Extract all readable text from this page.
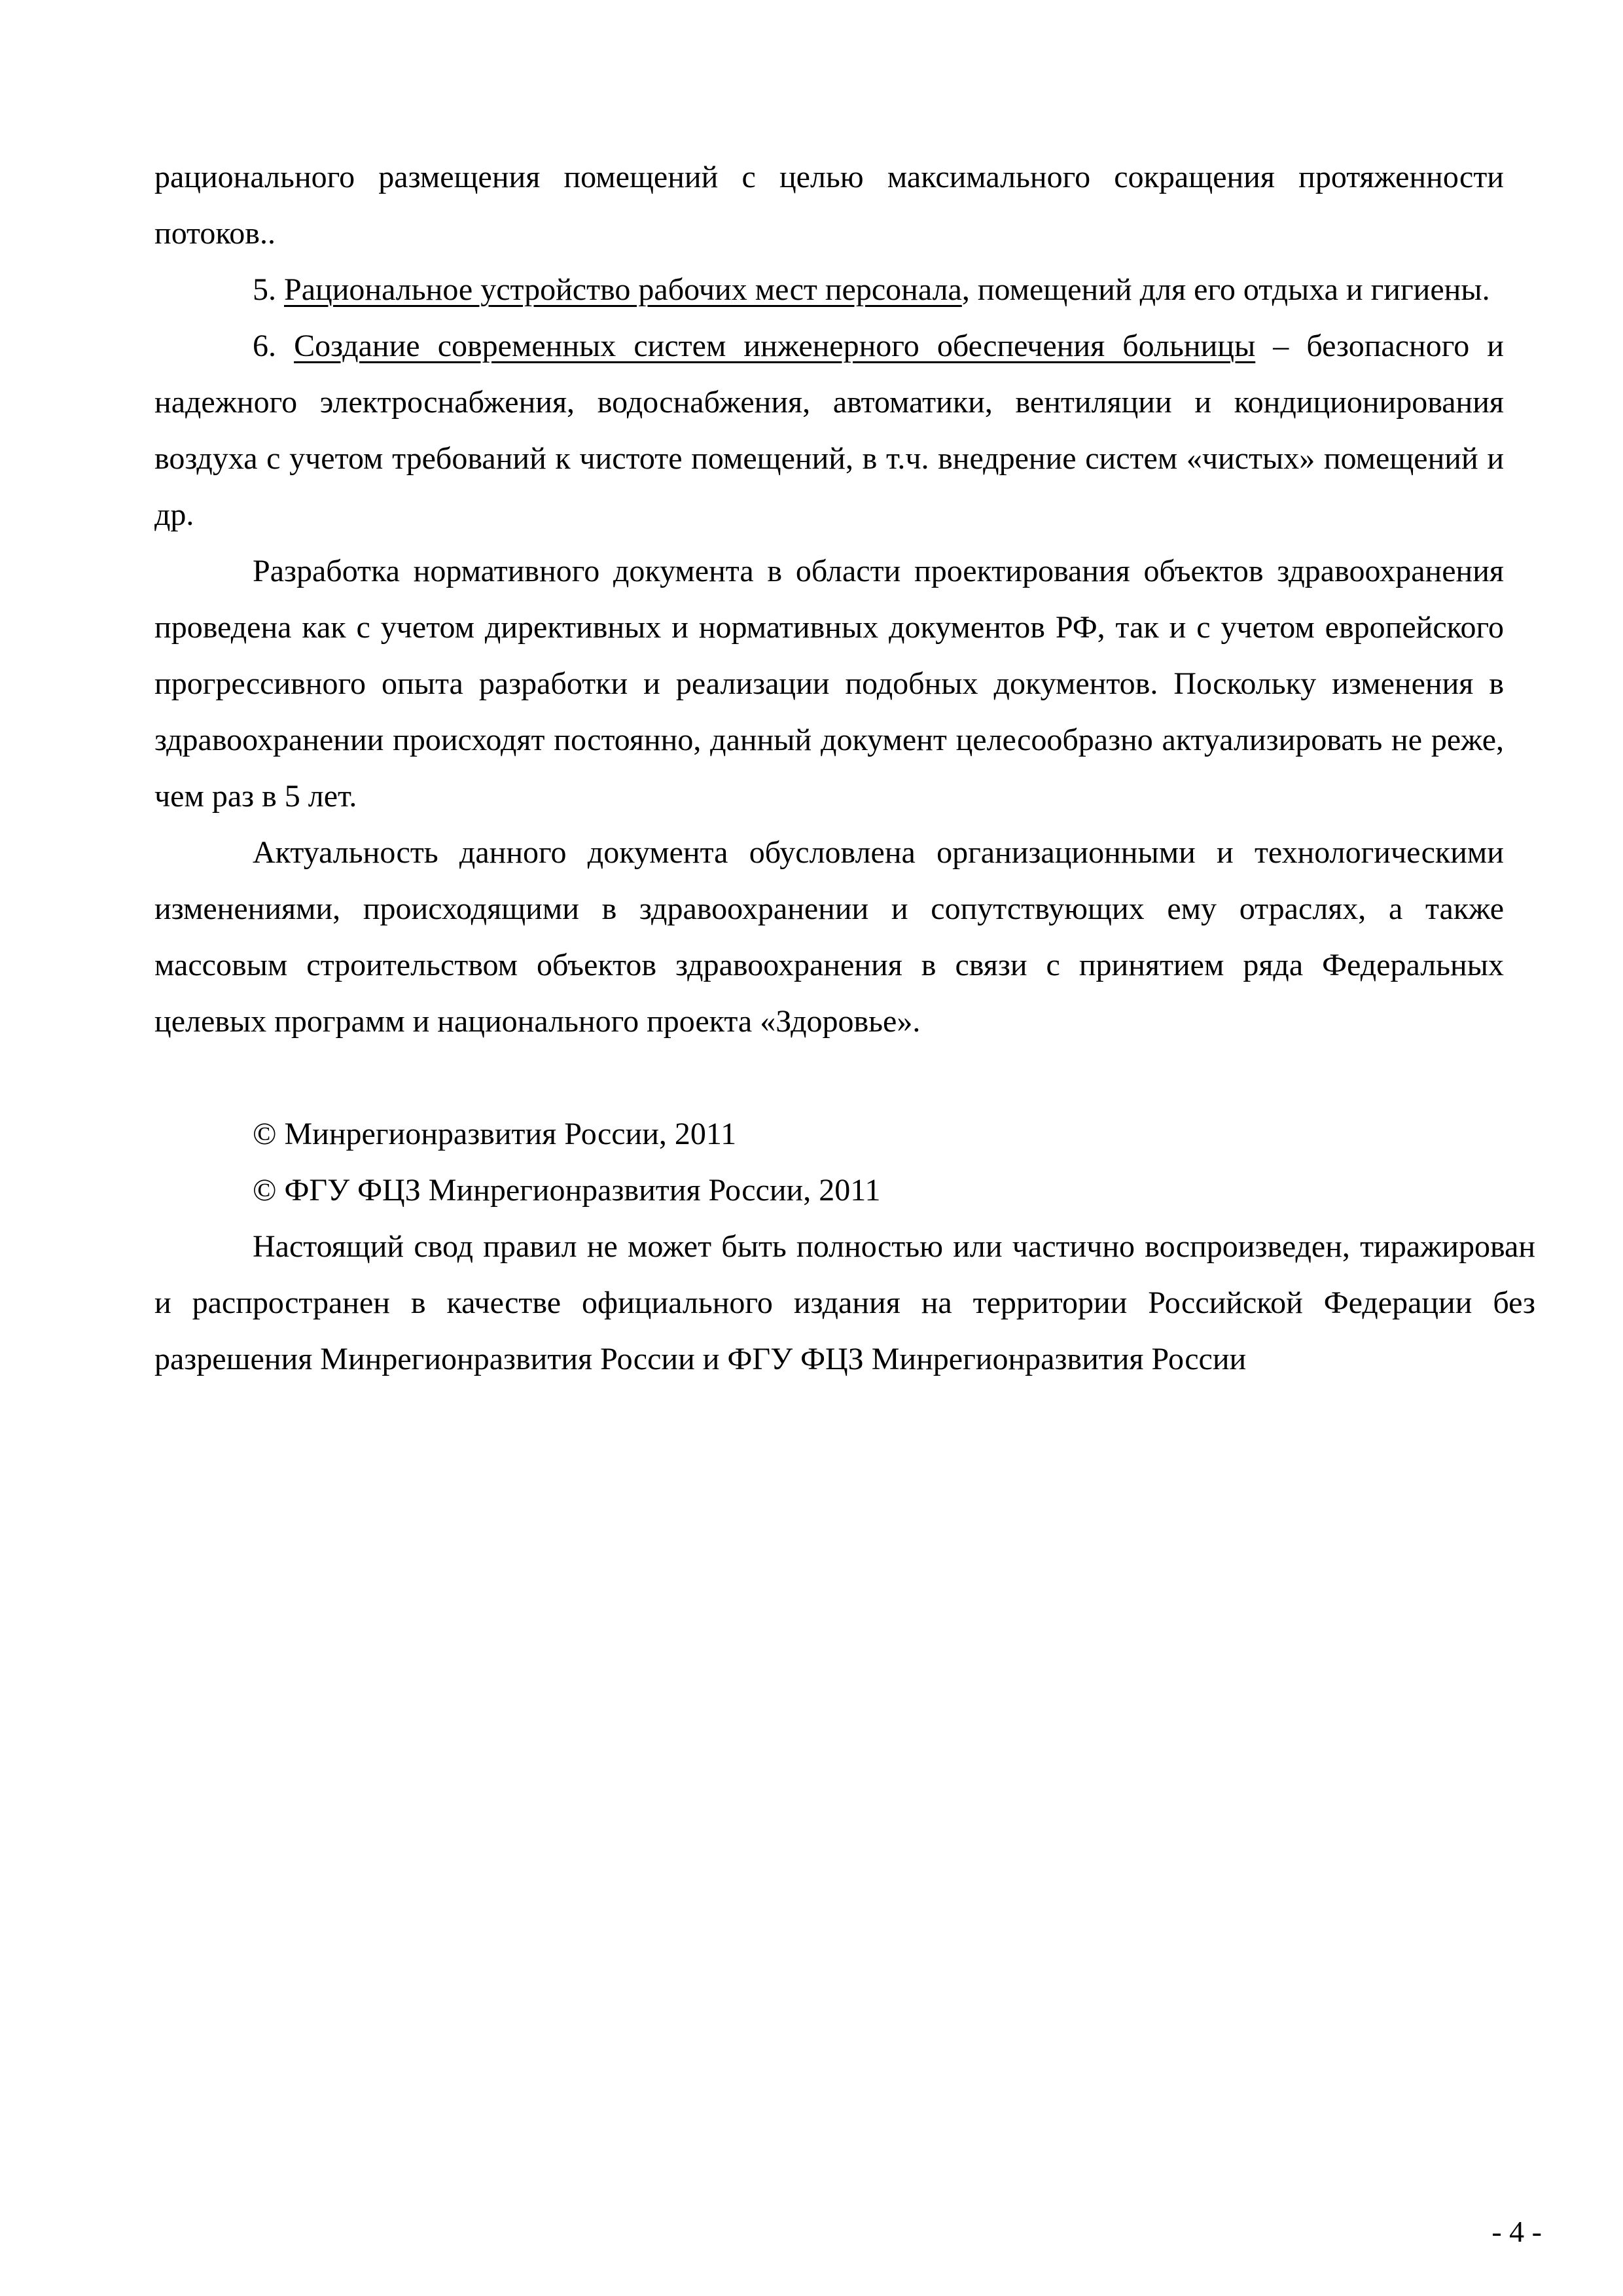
рационального размещения помещений с целью максимального сокращения протяженности потоков..

5. Рациональное устройство рабочих мест персонала, помещений для его отдыха и гигиены.

6. Создание современных систем инженерного обеспечения больницы – безопасного и надежного электроснабжения, водоснабжения, автоматики, вентиляции и кондиционирования воздуха с учетом требований к чистоте помещений, в т.ч. внедрение систем «чистых» помещений и др.

Разработка нормативного документа в области проектирования объектов здравоохранения проведена как с учетом директивных и нормативных документов РФ, так и с учетом европейского прогрессивного опыта разработки и реализации подобных документов. Поскольку изменения в здравоохранении происходят постоянно, данный документ целесообразно актуализировать не реже, чем раз в 5 лет.

Актуальность данного документа обусловлена организационными и технологическими изменениями, происходящими в здравоохранении и сопутствующих ему отраслях, а также массовым строительством объектов здравоохранения в связи с принятием ряда Федеральных целевых программ и национального проекта «Здоровье».

© Минрегионразвития России, 2011

© ФГУ ФЦЗ Минрегионразвития России, 2011

Настоящий свод правил не может быть полностью или частично воспроизведен, тиражирован и распространен в качестве официального издания на территории Российской Федерации без разрешения Минрегионразвития России и ФГУ ФЦЗ Минрегионразвития России

- 4 -
